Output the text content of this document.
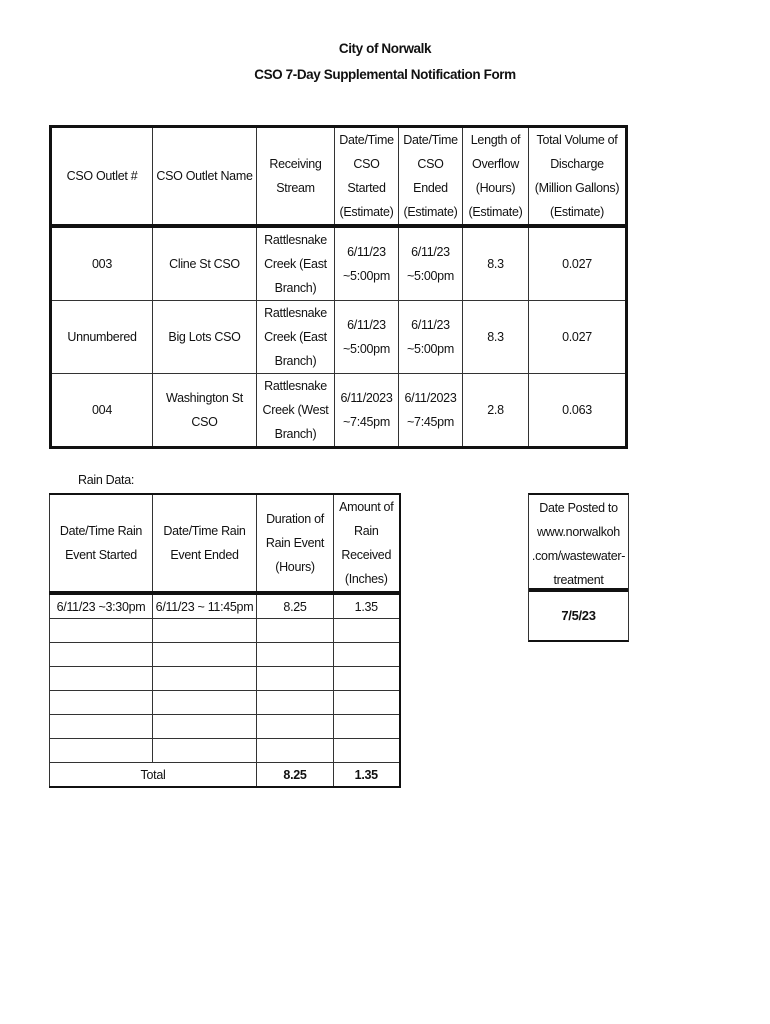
City of Norwalk
CSO 7-Day Supplemental Notification Form
CSO Outlet #	CSO Outlet Name	Receiving Stream	Date/Time CSO Started (Estimate)	Date/Time CSO Ended (Estimate)	Length of Overflow (Hours) (Estimate)	Total Volume of Discharge (Million Gallons)(Estimate)
003	Cline St CSO	Rattlesnake Creek (East Branch)	6/11/23 ~5:00pm	6/11/23 ~5:00pm	8.3	0.027
Unnumbered	Big Lots CSO	Rattlesnake Creek (East Branch)	6/11/23 ~5:00pm	6/11/23 ~5:00pm	8.3	0.027
004	Washington St CSO	Rattlesnake Creek (West Branch)	6/11/2023 ~7:45pm	6/11/2023 ~7:45pm	2.8	0.063
Rain Data:
Date/Time Rain Event Started	Date/Time Rain Event Ended	Duration of Rain Event (Hours)	Amount of Rain Received (Inches)
6/11/23 ~3:30pm	6/11/23 ~ 11:45pm	8.25	1.35

Total		8.25	1.35
Date Posted to www.norwalkoh .com/wastewater-treatment
7/5/23
